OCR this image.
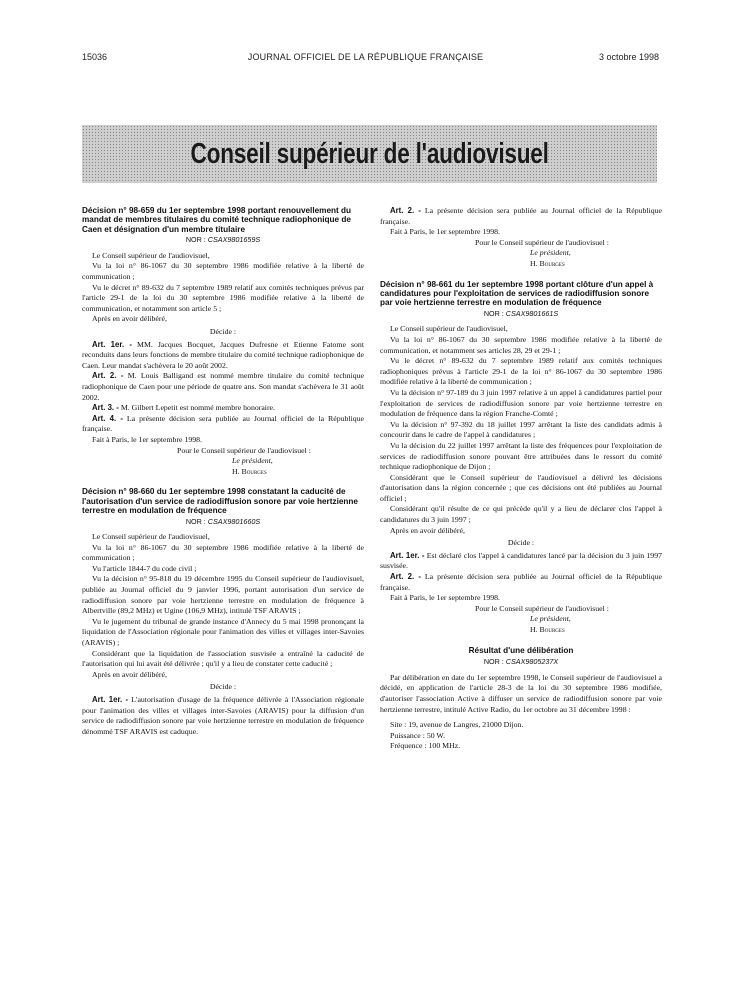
15036	JOURNAL OFFICIEL DE LA RÉPUBLIQUE FRANÇAISE	3 octobre 1998
Conseil supérieur de l'audiovisuel
Décision n° 98-659 du 1er septembre 1998 portant renouvellement du mandat de membres titulaires du comité technique radiophonique de Caen et désignation d'un membre titulaire
NOR : CSAX9801659S

Le Conseil supérieur de l'audiovisuel,

Vu la loi n° 86-1067 du 30 septembre 1986 modifiée relative à la liberté de communication ;

Vu le décret n° 89-632 du 7 septembre 1989 relatif aux comités techniques prévus par l'article 29-1 de la loi du 30 septembre 1986 modifiée relative à la liberté de communication, et notamment son article 5 ;

Après en avoir délibéré,

Décide :

Art. 1er. - MM. Jacques Bocquet, Jacques Dufresne et Etienne Fatome sont reconduits dans leurs fonctions de membre titulaire du comité technique radiophonique de Caen. Leur mandat s'achèvera le 20 août 2002.

Art. 2. - M. Louis Balligand est nommé membre titulaire du comité technique radiophonique de Caen pour une période de quatre ans. Son mandat s'achèvera le 31 août 2002.

Art. 3. - M. Gilbert Lepetit est nommé membre honoraire.

Art. 4. - La présente décision sera publiée au Journal officiel de la République française.

Fait à Paris, le 1er septembre 1998.

Pour le Conseil supérieur de l'audiovisuel :

Le président,

H. Bourges

Décision n° 98-660 du 1er septembre 1998 constatant la caducité de l'autorisation d'un service de radiodiffusion sonore par voie hertzienne terrestre en modulation de fréquence
NOR : CSAX9801660S

Le Conseil supérieur de l'audiovisuel,

Vu la loi n° 86-1067 du 30 septembre 1986 modifiée relative à la liberté de communication ;

Vu l'article 1844-7 du code civil ;

Vu la décision n° 95-818 du 19 décembre 1995 du Conseil supérieur de l'audiovisuel, publiée au Journal officiel du 9 janvier 1996, portant autorisation d'un service de radiodiffusion sonore par voie hertzienne terrestre en modulation de fréquence à Albertville (89,2 MHz) et Ugine (106,9 MHz), intitulé TSF ARAVIS ;

Vu le jugement du tribunal de grande instance d'Annecy du 5 mai 1998 prononçant la liquidation de l'Association régionale pour l'animation des villes et villages inter-Savoies (ARAVIS) ;

Considérant que la liquidation de l'association susvisée a entraîné la caducité de l'autorisation qui lui avait été délivrée ; qu'il y a lieu de constater cette caducité ;

Après en avoir délibéré,

Décide :

Art. 1er. - L'autorisation d'usage de la fréquence délivrée à l'Association régionale pour l'animation des villes et villages inter-Savoies (ARAVIS) pour la diffusion d'un service de radiodiffusion sonore par voie hertzienne terrestre en modulation de fréquence dénommé TSF ARAVIS est caduque.

Art. 2. - La présente décision sera publiée au Journal officiel de la République française.

Fait à Paris, le 1er septembre 1998.

Pour le Conseil supérieur de l'audiovisuel :

Le président,

H. Bourges

Décision n° 98-661 du 1er septembre 1998 portant clôture d'un appel à candidatures pour l'exploitation de services de radiodiffusion sonore par voie hertzienne terrestre en modulation de fréquence
NOR : CSAX9801661S

Le Conseil supérieur de l'audiovisuel,

Vu la loi n° 86-1067 du 30 septembre 1986 modifiée relative à la liberté de communication, et notamment ses articles 28, 29 et 29-1 ;

Vu le décret n° 89-632 du 7 septembre 1989 relatif aux comités techniques radiophoniques prévus à l'article 29-1 de la loi n° 86-1067 du 30 septembre 1986 modifiée relative à la liberté de communication ;

Vu la décision n° 97-189 du 3 juin 1997 relative à un appel à candidatures partiel pour l'exploitation de services de radiodiffusion sonore par voie hertzienne terrestre en modulation de fréquence dans la région Franche-Comté ;

Vu la décision n° 97-392 du 18 juillet 1997 arrêtant la liste des candidats admis à concourir dans le cadre de l'appel à candidatures ;

Vu la décision du 22 juillet 1997 arrêtant la liste des fréquences pour l'exploitation de services de radiodiffusion sonore pouvant être attribuées dans le ressort du comité technique radiophonique de Dijon ;

Considérant que le Conseil supérieur de l'audiovisuel a délivré les décisions d'autorisation dans la région concernée ; que ces décisions ont été publiées au Journal officiel ;

Considérant qu'il résulte de ce qui précède qu'il y a lieu de déclarer clos l'appel à candidatures du 3 juin 1997 ;

Après en avoir délibéré,

Décide :

Art. 1er. - Est déclaré clos l'appel à candidatures lancé par la décision du 3 juin 1997 susvisée.

Art. 2. - La présente décision sera publiée au Journal officiel de la République française.

Fait à Paris, le 1er septembre 1998.

Pour le Conseil supérieur de l'audiovisuel :

Le président,

H. Bourges

Résultat d'une délibération
NOR : CSAX9805237X

Par délibération en date du 1er septembre 1998, le Conseil supérieur de l'audiovisuel a décidé, en application de l'article 28-3 de la loi du 30 septembre 1986 modifiée, d'autoriser l'association Active à diffuser un service de radiodiffusion sonore par voie hertzienne terrestre, intitulé Active Radio, du 1er octobre au 31 décembre 1998 :

Site : 19, avenue de Langres, 21000 Dijon.

Puissance : 50 W.

Fréquence : 100 MHz.
